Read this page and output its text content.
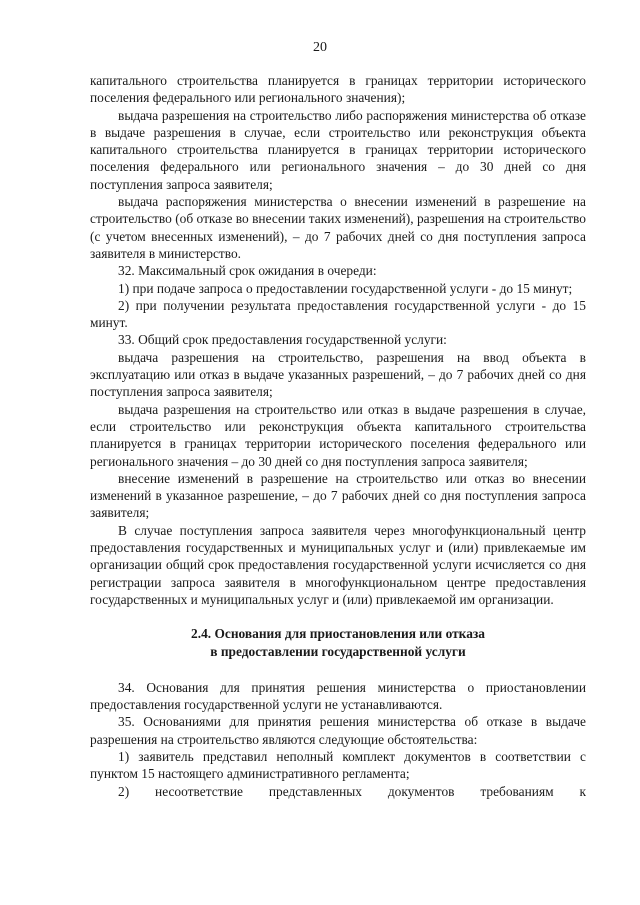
20

капитального строительства планируется в границах территории исторического поселения федерального или регионального значения);

выдача разрешения на строительство либо распоряжения министерства об отказе в выдаче разрешения в случае, если строительство или реконструкция объекта капитального строительства планируется в границах территории исторического поселения федерального или регионального значения – до 30 дней со дня поступления запроса заявителя;

выдача распоряжения министерства о внесении изменений в разрешение на строительство (об отказе во внесении таких изменений), разрешения на строительство (с учетом внесенных изменений), – до 7 рабочих дней со дня поступления запроса заявителя в министерство.

32. Максимальный срок ожидания в очереди:

1) при подаче запроса о предоставлении государственной услуги - до 15 минут;

2) при получении результата предоставления государственной услуги - до 15 минут.

33. Общий срок предоставления государственной услуги:

выдача разрешения на строительство, разрешения на ввод объекта в эксплуатацию или отказ в выдаче указанных разрешений, – до 7 рабочих дней со дня поступления запроса заявителя;

выдача разрешения на строительство или отказ в выдаче разрешения в случае, если строительство или реконструкция объекта капитального строительства планируется в границах территории исторического поселения федерального или регионального значения – до 30 дней со дня поступления запроса заявителя;

внесение изменений в разрешение на строительство или отказ во внесении изменений в указанное разрешение, – до 7 рабочих дней со дня поступления запроса заявителя;

В случае поступления запроса заявителя через многофункциональный центр предоставления государственных и муниципальных услуг и (или) привлекаемые им организации общий срок предоставления государственной услуги исчисляется со дня регистрации запроса заявителя в многофункциональном центре предоставления государственных и муниципальных услуг и (или) привлекаемой им организации.

2.4. Основания для приостановления или отказа

в предоставлении государственной услуги

34. Основания для принятия решения министерства о приостановлении предоставления государственной услуги не устанавливаются.

35. Основаниями для принятия решения министерства об отказе в выдаче разрешения на строительство являются следующие обстоятельства:

1) заявитель представил неполный комплект документов в соответствии с пунктом 15 настоящего административного регламента;

2) несоответствие представленных документов требованиям к
